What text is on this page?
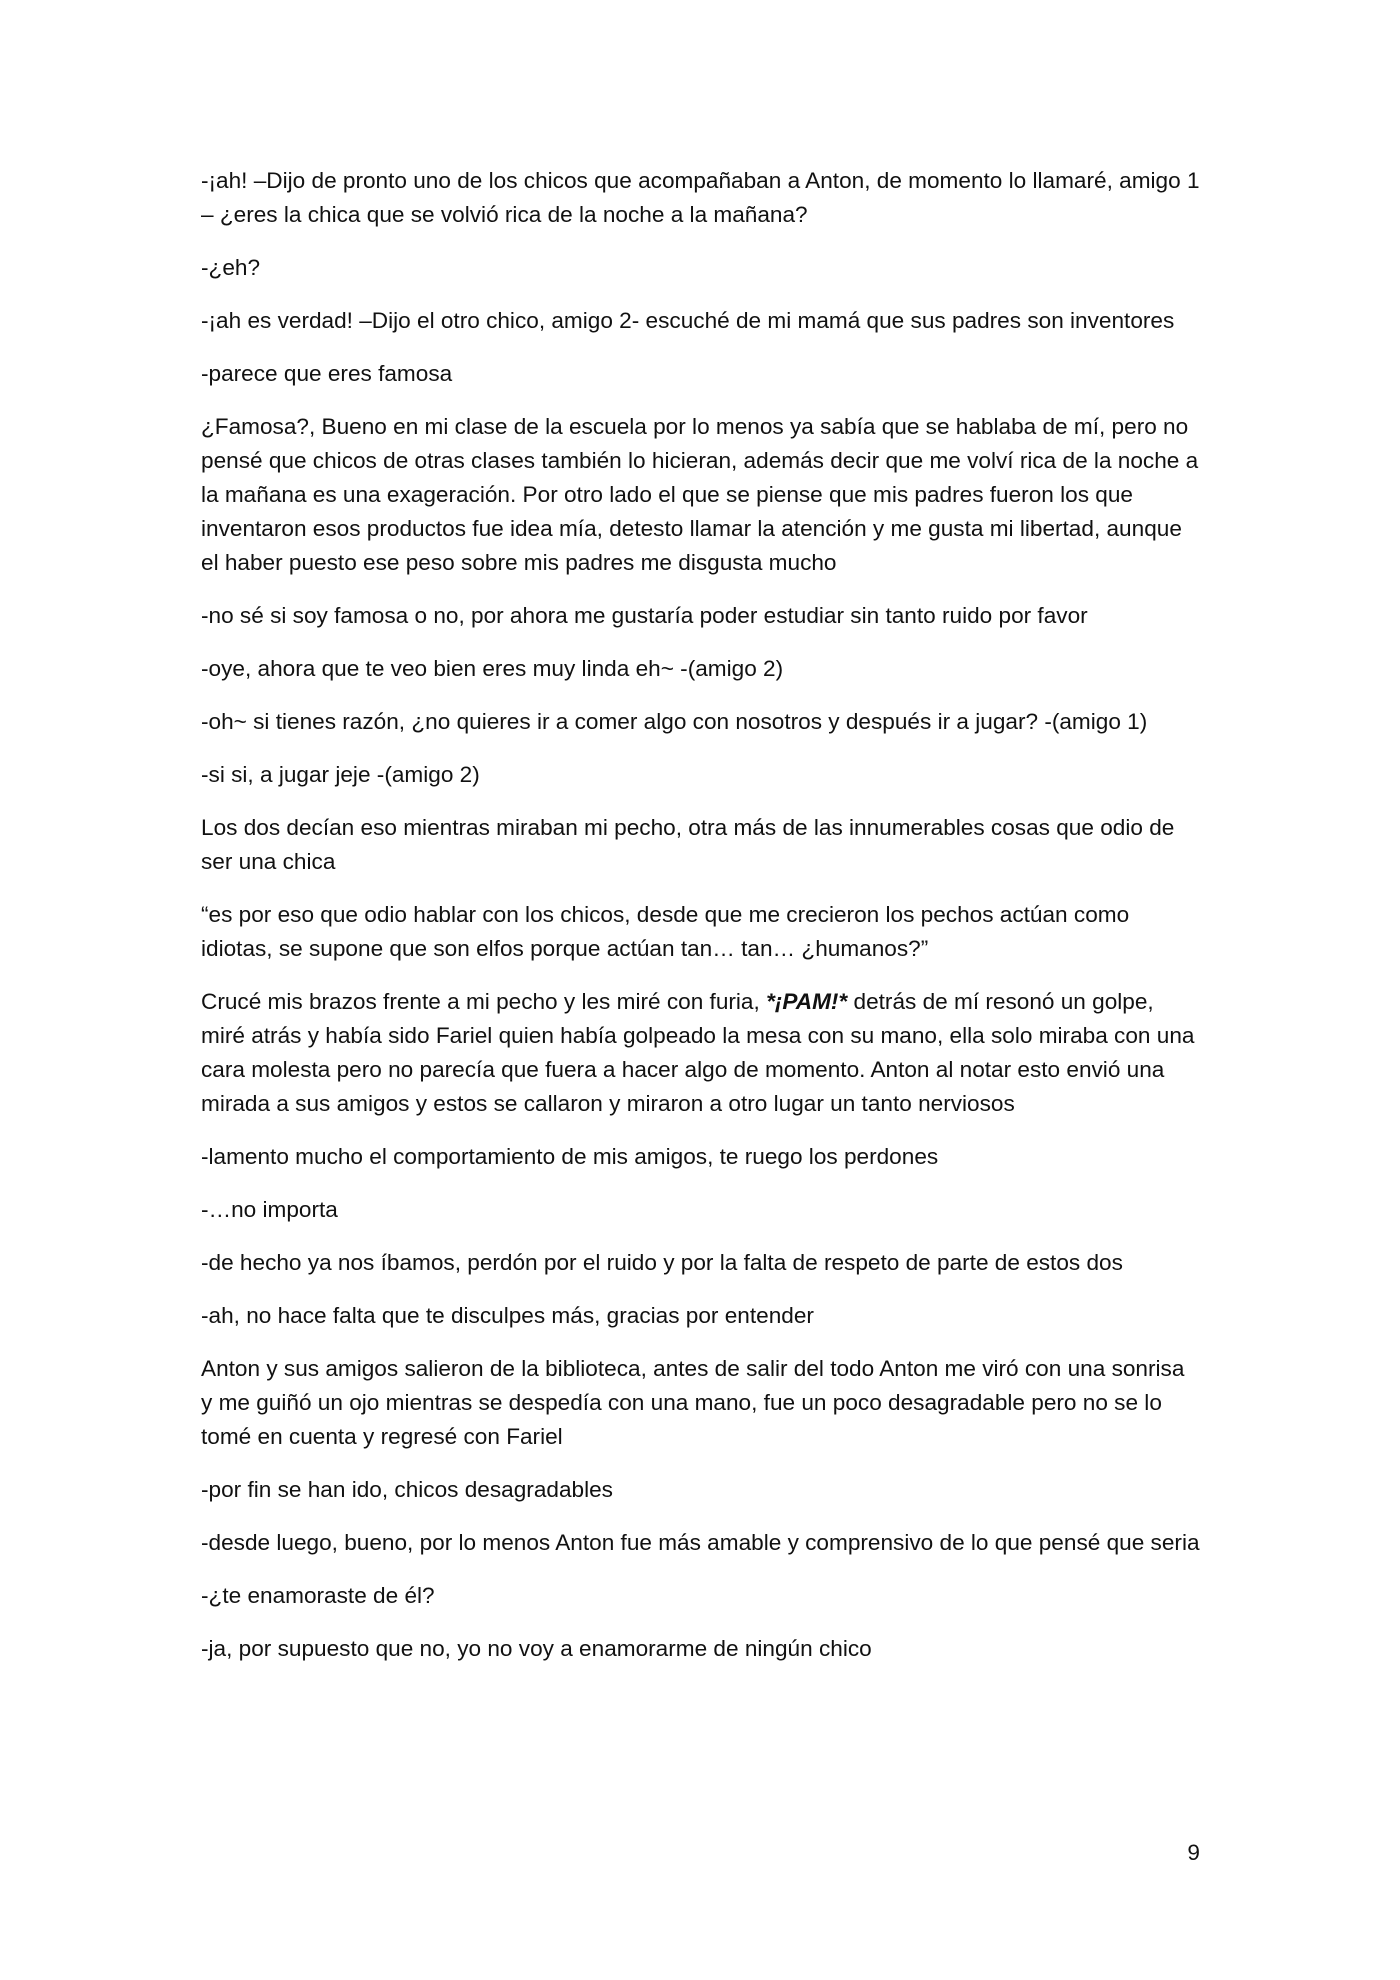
-¡ah! –Dijo de pronto uno de los chicos que acompañaban a Anton, de momento lo llamaré, amigo 1 – ¿eres la chica que se volvió rica de la noche a la mañana?

-¿eh?

-¡ah es verdad! –Dijo el otro chico, amigo 2- escuché de mi mamá que sus padres son inventores

-parece que eres famosa

¿Famosa?, Bueno en mi clase de la escuela por lo menos ya sabía que se hablaba de mí, pero no pensé que chicos de otras clases también lo hicieran, además decir que me volví rica de la noche a la mañana es una exageración. Por otro lado el que se piense que mis padres fueron los que inventaron esos productos fue idea mía, detesto llamar la atención y me gusta mi libertad, aunque el haber puesto ese peso sobre mis padres me disgusta mucho

-no sé si soy famosa o no, por ahora me gustaría poder estudiar sin tanto ruido por favor

-oye, ahora que te veo bien eres muy linda eh~ -(amigo 2)

-oh~ si tienes razón, ¿no quieres ir a comer algo con nosotros y después ir a jugar? -(amigo 1)

-si si, a jugar jeje -(amigo 2)

Los dos decían eso mientras miraban mi pecho, otra más de las innumerables cosas que odio de ser una chica

“es por eso que odio hablar con los chicos, desde que me crecieron los pechos actúan como idiotas, se supone que son elfos porque actúan tan… tan… ¿humanos?”

Crucé mis brazos frente a mi pecho y les miré con furia, *¡PAM!* detrás de mí resonó un golpe, miré atrás y había sido Fariel quien había golpeado la mesa con su mano, ella solo miraba con una cara molesta pero no parecía que fuera a hacer algo de momento. Anton al notar esto envió una mirada a sus amigos y estos se callaron y miraron a otro lugar un tanto nerviosos

-lamento mucho el comportamiento de mis amigos, te ruego los perdones

-…no importa

-de hecho ya nos íbamos, perdón por el ruido y por la falta de respeto de parte de estos dos

-ah, no hace falta que te disculpes más, gracias por entender

Anton y sus amigos salieron de la biblioteca, antes de salir del todo Anton me viró con una sonrisa y me guiñó un ojo mientras se despedía con una mano, fue un poco desagradable pero no se lo tomé en cuenta y regresé con Fariel

-por fin se han ido, chicos desagradables

-desde luego, bueno, por lo menos Anton fue más amable y comprensivo de lo que pensé que seria

-¿te enamoraste de él?

-ja, por supuesto que no, yo no voy a enamorarme de ningún chico

9
